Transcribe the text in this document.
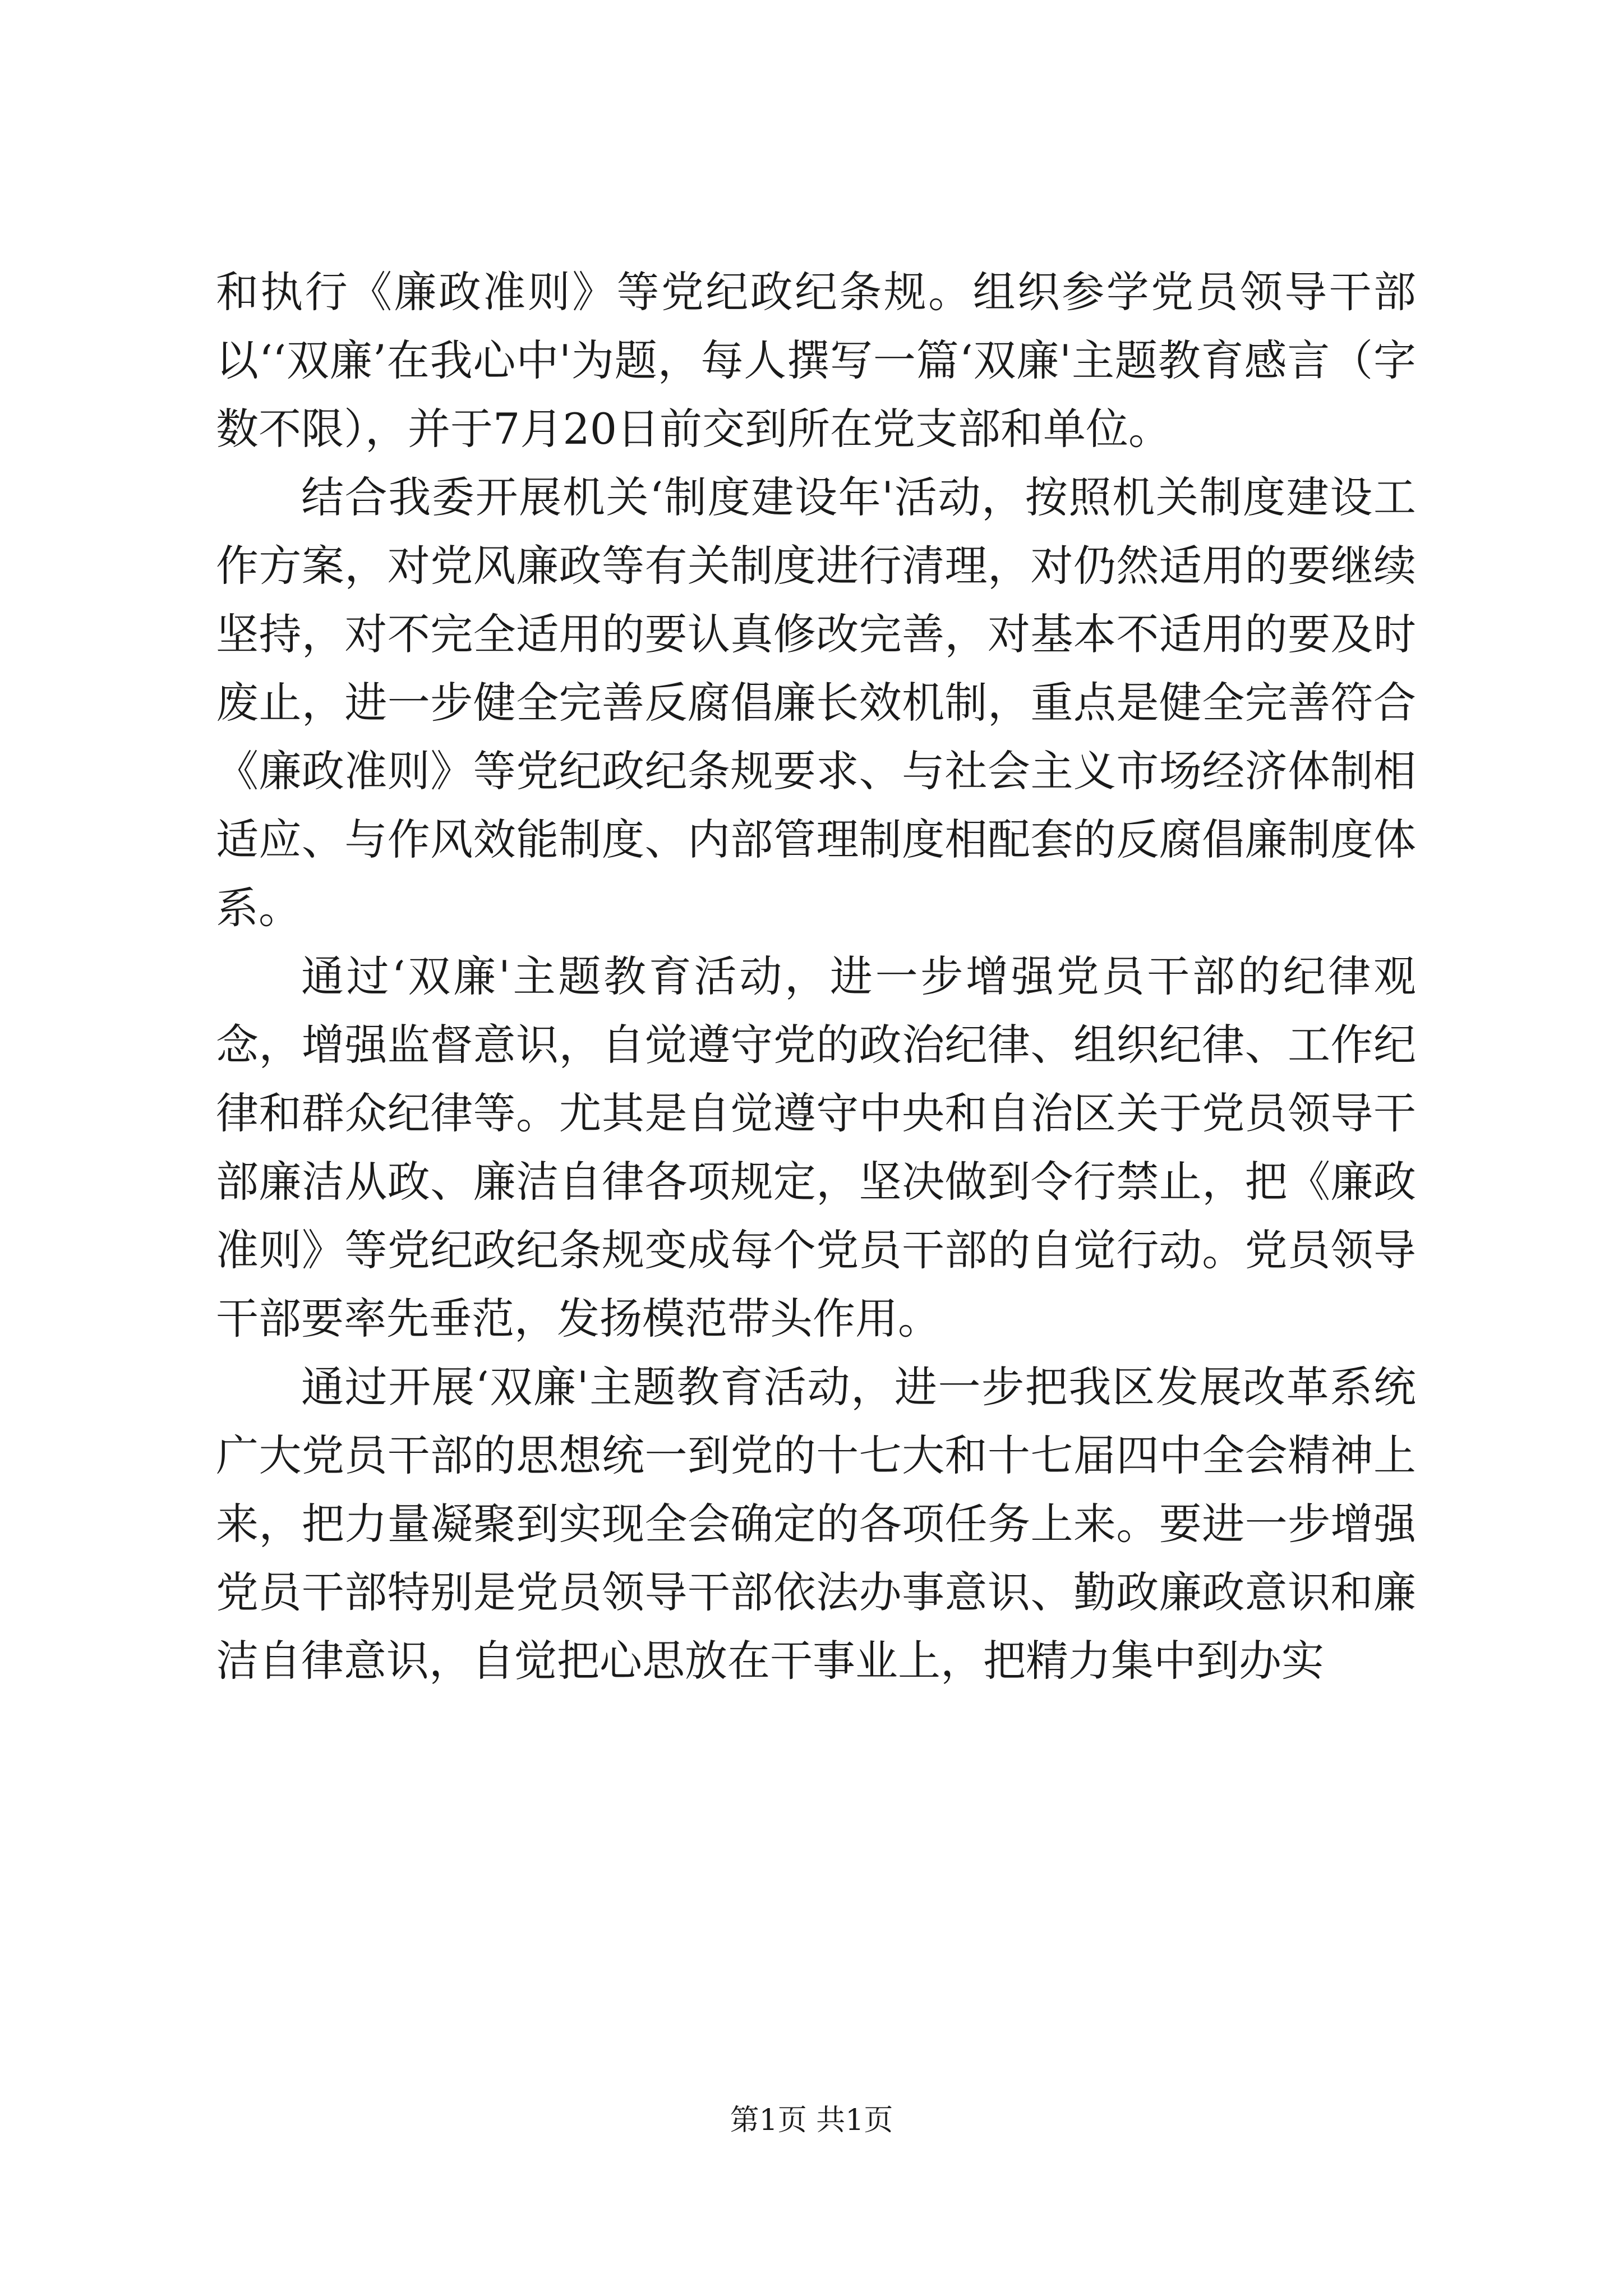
和执行《廉政准则》等党纪政纪条规。组织参学党员领导干部以‘‘双廉’在我心中'为题，每人撰写一篇‘双廉'主题教育感言（字数不限），并于7月20日前交到所在党支部和单位。

结合我委开展机关‘制度建设年'活动，按照机关制度建设工作方案，对党风廉政等有关制度进行清理，对仍然适用的要继续坚持，对不完全适用的要认真修改完善，对基本不适用的要及时废止，进一步健全完善反腐倡廉长效机制，重点是健全完善符合《廉政准则》等党纪政纪条规要求、与社会主义市场经济体制相适应、与作风效能制度、内部管理制度相配套的反腐倡廉制度体系。

通过‘双廉'主题教育活动，进一步增强党员干部的纪律观念，增强监督意识，自觉遵守党的政治纪律、组织纪律、工作纪律和群众纪律等。尤其是自觉遵守中央和自治区关于党员领导干部廉洁从政、廉洁自律各项规定，坚决做到令行禁止，把《廉政准则》等党纪政纪条规变成每个党员干部的自觉行动。党员领导干部要率先垂范，发扬模范带头作用。

通过开展‘双廉'主题教育活动，进一步把我区发展改革系统广大党员干部的思想统一到党的十七大和十七届四中全会精神上来，把力量凝聚到实现全会确定的各项任务上来。要进一步增强党员干部特别是党员领导干部依法办事意识、勤政廉政意识和廉洁自律意识，自觉把心思放在干事业上，把精力集中到办实

第1页 共1页
